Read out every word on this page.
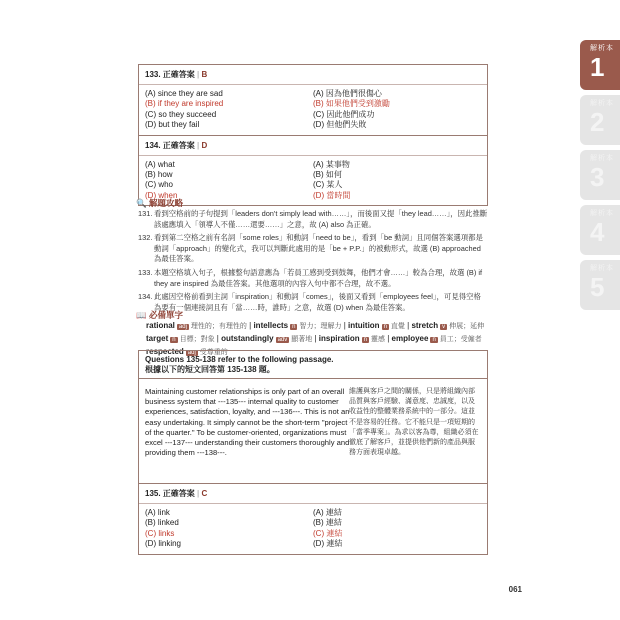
解析本
1
解析本
2
解析本
3
解析本
4
解析本
5
133. 正確答案 | B
(A) since they are sad
(B) if they are inspired
(C) so they succeed
(D) but they fail
(A) 因為他們很傷心
(B) 如果他們受到激勵
(C) 因此他們成功
(D) 但他們失敗
134. 正確答案 | D
(A) what
(B) how
(C) who
(D) when
(A) 某事物
(B) 如何
(C) 某人
(D) 當時間
🔍 解題攻略
131. 看到空格前的子句提到「leaders don't simply lead with……」，而後面又提「they lead……」，因此推斷該處應填入「領導人不僅……還要……」之意，故 (A) also 為正確。
132. 看到第二空格之前有名詞「some roles」和動詞「need to be」，看到「be 動詞」且同個答案選項都是動詞「approach」的變化式，我可以判斷此處用的是「be + P.P.」的被動形式，故選 (B) approached 為最佳答案。
133. 本題空格填入句子，根據整句語意應為「若員工感到受到鼓舞，他們才會……」較為合理，故選 (B) if they are inspired 為最佳答案。其他選項的內容入句中都不合理，故不選。
134. 此處因空格前看到主詞「inspiration」和動詞「comes」，後面又看到「employees feel」，可見得空格為要有一個連接詞且有「當……時，誰時」之意，故選 (D) when 為最佳答案。
📖 必備單字
rational adj 理性的；有理性的 | intellects n 智力；理解力 | intuition n 直覺 | stretch v 伸展；延伸
target n 目標；對象 | outstandingly adv 顯著地 | inspiration n 靈感 | employee n 員工；受僱者
respected adj 受尊重的
Questions 135-138 refer to the following passage.
根據以下的短文回答第 135-138 題。
Maintaining customer relationships is only part of an overall business system that ---135--- internal quality to customer experiences, satisfaction, loyalty, and ---136---. This is not an easy undertaking. It simply cannot be the short-term "project of the quarter." To be customer-oriented, organizations must excel ---137--- understanding their customers thoroughly and providing them ---138---.
維護與客戶之間的關係，只是將組織內部品質與客戶經驗、滿意度、忠誠度，以及收益性的整體業務系統中的一部分。這並不是容易的任務。它不能只是一項短期的「當季專案」。為求以客為尊，組織必須在徹底了解客戶，並提供他們新的產品與服務方面表現卓越。
135. 正確答案 | C
(A) link
(B) linked
(C) links
(D) linking
(A) 連結
(B) 連結
(C) 連結
(D) 連結
061
